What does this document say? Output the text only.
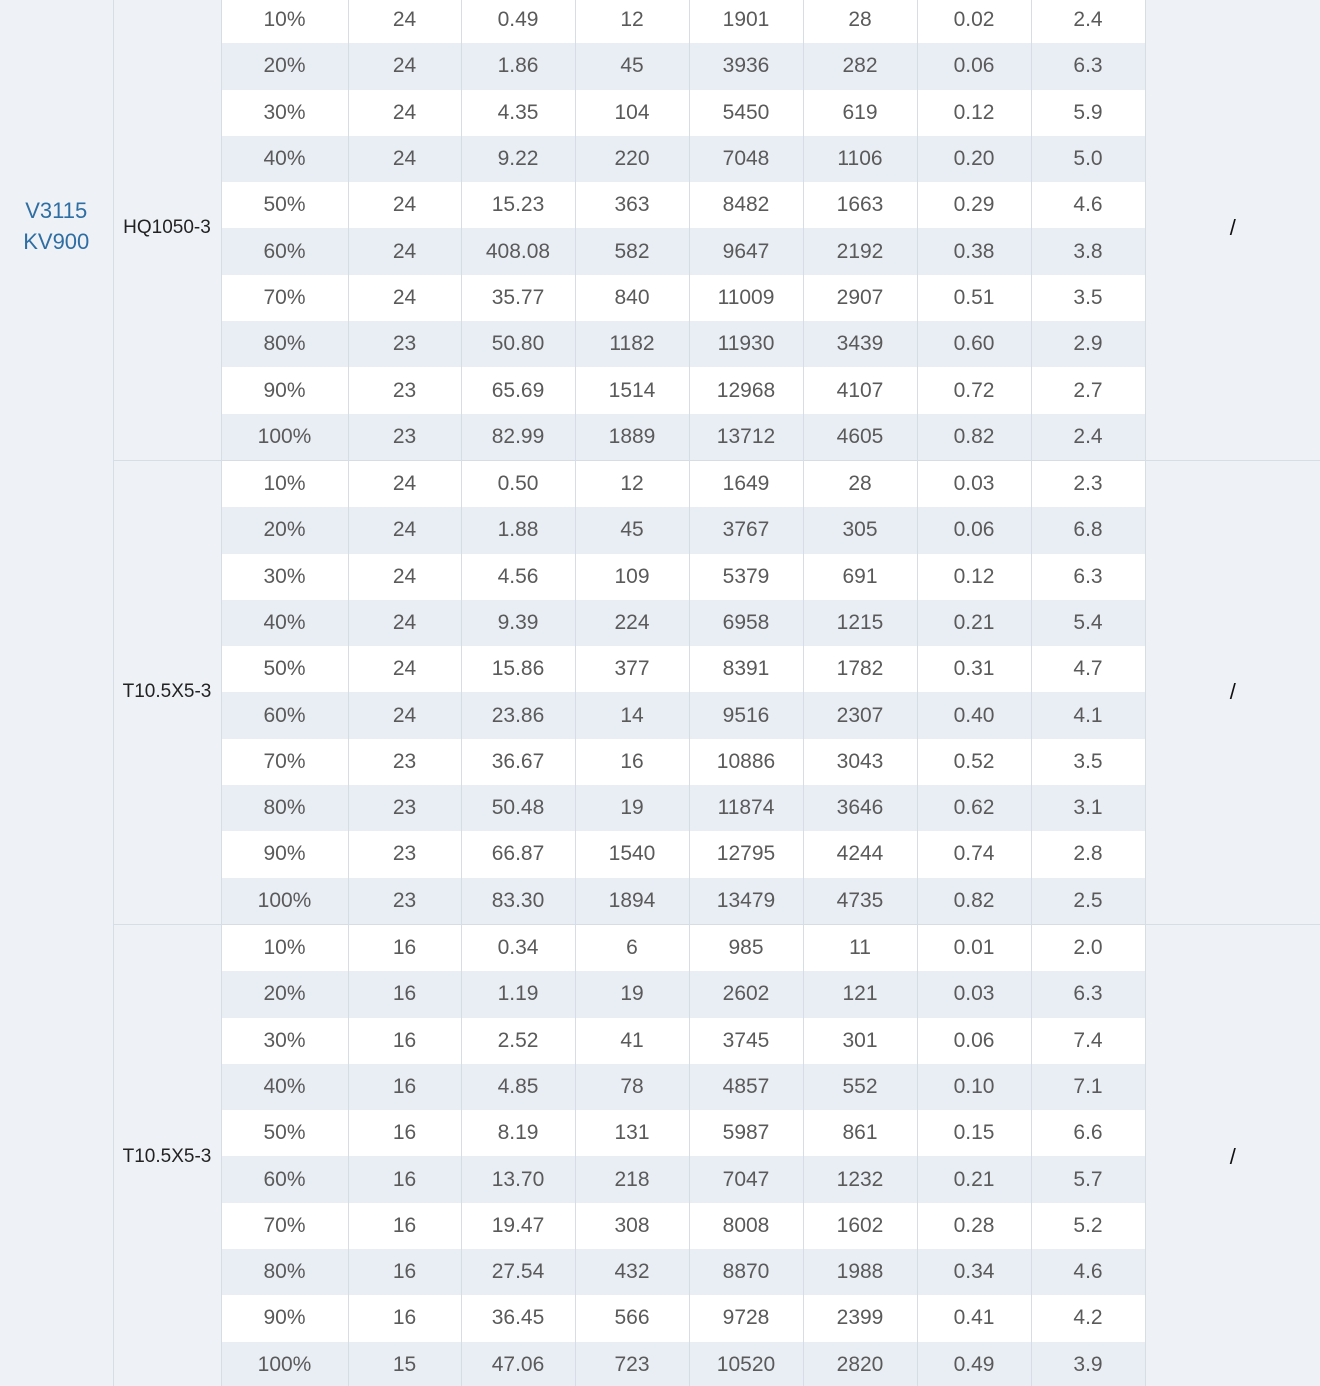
V3115
KV900	HQ1050-3	10%	24	0.49	12	1901	28	0.02	2.4	/
		20%	24	1.86	45	3936	282	0.06	6.3	
		30%	24	4.35	104	5450	619	0.12	5.9	
		40%	24	9.22	220	7048	1106	0.20	5.0	
		50%	24	15.23	363	8482	1663	0.29	4.6	
		60%	24	408.08	582	9647	2192	0.38	3.8	
		70%	24	35.77	840	11009	2907	0.51	3.5	
		80%	23	50.80	1182	11930	3439	0.60	2.9	
		90%	23	65.69	1514	12968	4107	0.72	2.7	
		100%	23	82.99	1889	13712	4605	0.82	2.4	
	T10.5X5-3	10%	24	0.50	12	1649	28	0.03	2.3	/
		20%	24	1.88	45	3767	305	0.06	6.8	
		30%	24	4.56	109	5379	691	0.12	6.3	
		40%	24	9.39	224	6958	1215	0.21	5.4	
		50%	24	15.86	377	8391	1782	0.31	4.7	
		60%	24	23.86	14	9516	2307	0.40	4.1	
		70%	23	36.67	16	10886	3043	0.52	3.5	
		80%	23	50.48	19	11874	3646	0.62	3.1	
		90%	23	66.87	1540	12795	4244	0.74	2.8	
		100%	23	83.30	1894	13479	4735	0.82	2.5	
	T10.5X5-3	10%	16	0.34	6	985	11	0.01	2.0	/
		20%	16	1.19	19	2602	121	0.03	6.3	
		30%	16	2.52	41	3745	301	0.06	7.4	
		40%	16	4.85	78	4857	552	0.10	7.1	
		50%	16	8.19	131	5987	861	0.15	6.6	
		60%	16	13.70	218	7047	1232	0.21	5.7	
		70%	16	19.47	308	8008	1602	0.28	5.2	
		80%	16	27.54	432	8870	1988	0.34	4.6	
		90%	16	36.45	566	9728	2399	0.41	4.2	
		100%	15	47.06	723	10520	2820	0.49	3.9	
